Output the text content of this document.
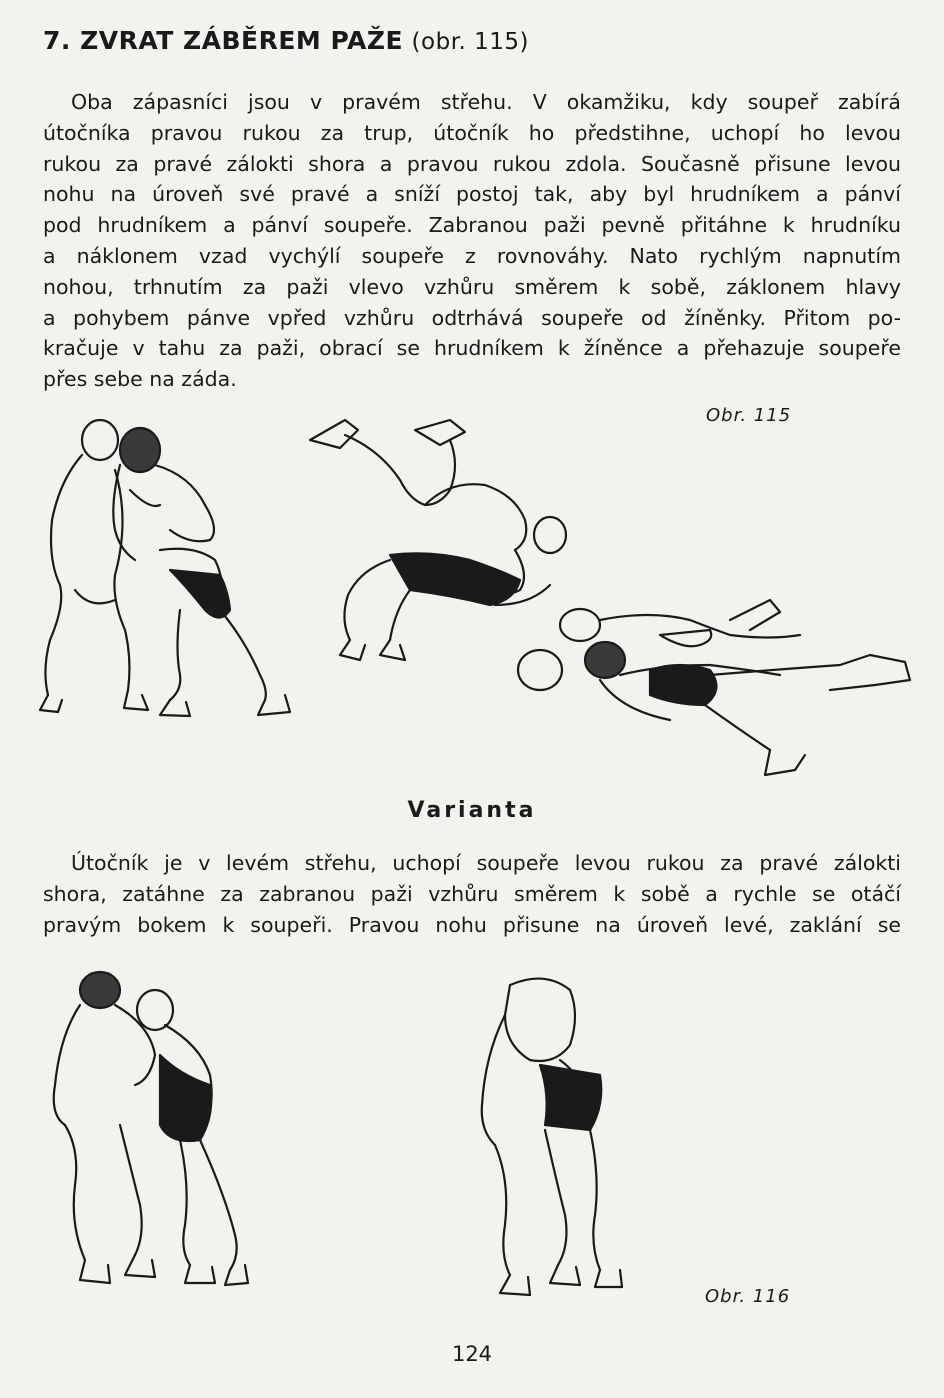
7. ZVRAT ZÁBĚREM PAŽE (obr. 115)
Oba zápasníci jsou v pravém střehu. V okamžiku, kdy soupeř zabírá
útočníka pravou rukou za trup, útočník ho předstihne, uchopí ho levou
rukou za pravé zálokti shora a pravou rukou zdola. Současně přisune levou
nohu na úroveň své pravé a sníží postoj tak, aby byl hrudníkem a pánví
pod hrudníkem a pánví soupeře. Zabranou paži pevně přitáhne k hrudníku
a náklonem vzad vychýlí soupeře z rovnováhy. Nato rychlým napnutím
nohou, trhnutím za paži vlevo vzhůru směrem k sobě, záklonem hlavy
a pohybem pánve vpřed vzhůru odtrhává soupeře od žíněnky. Přitom po-
kračuje v tahu za paži, obrací se hrudníkem k žíněnce a přehazuje soupeře
přes sebe na záda.
Obr. 115
Varianta
Útočník je v levém střehu, uchopí soupeře levou rukou za pravé zálokti
shora, zatáhne za zabranou paži vzhůru směrem k sobě a rychle se otáčí
pravým bokem k soupeři. Pravou nohu přisune na úroveň levé, zaklání se
Obr. 116
124
